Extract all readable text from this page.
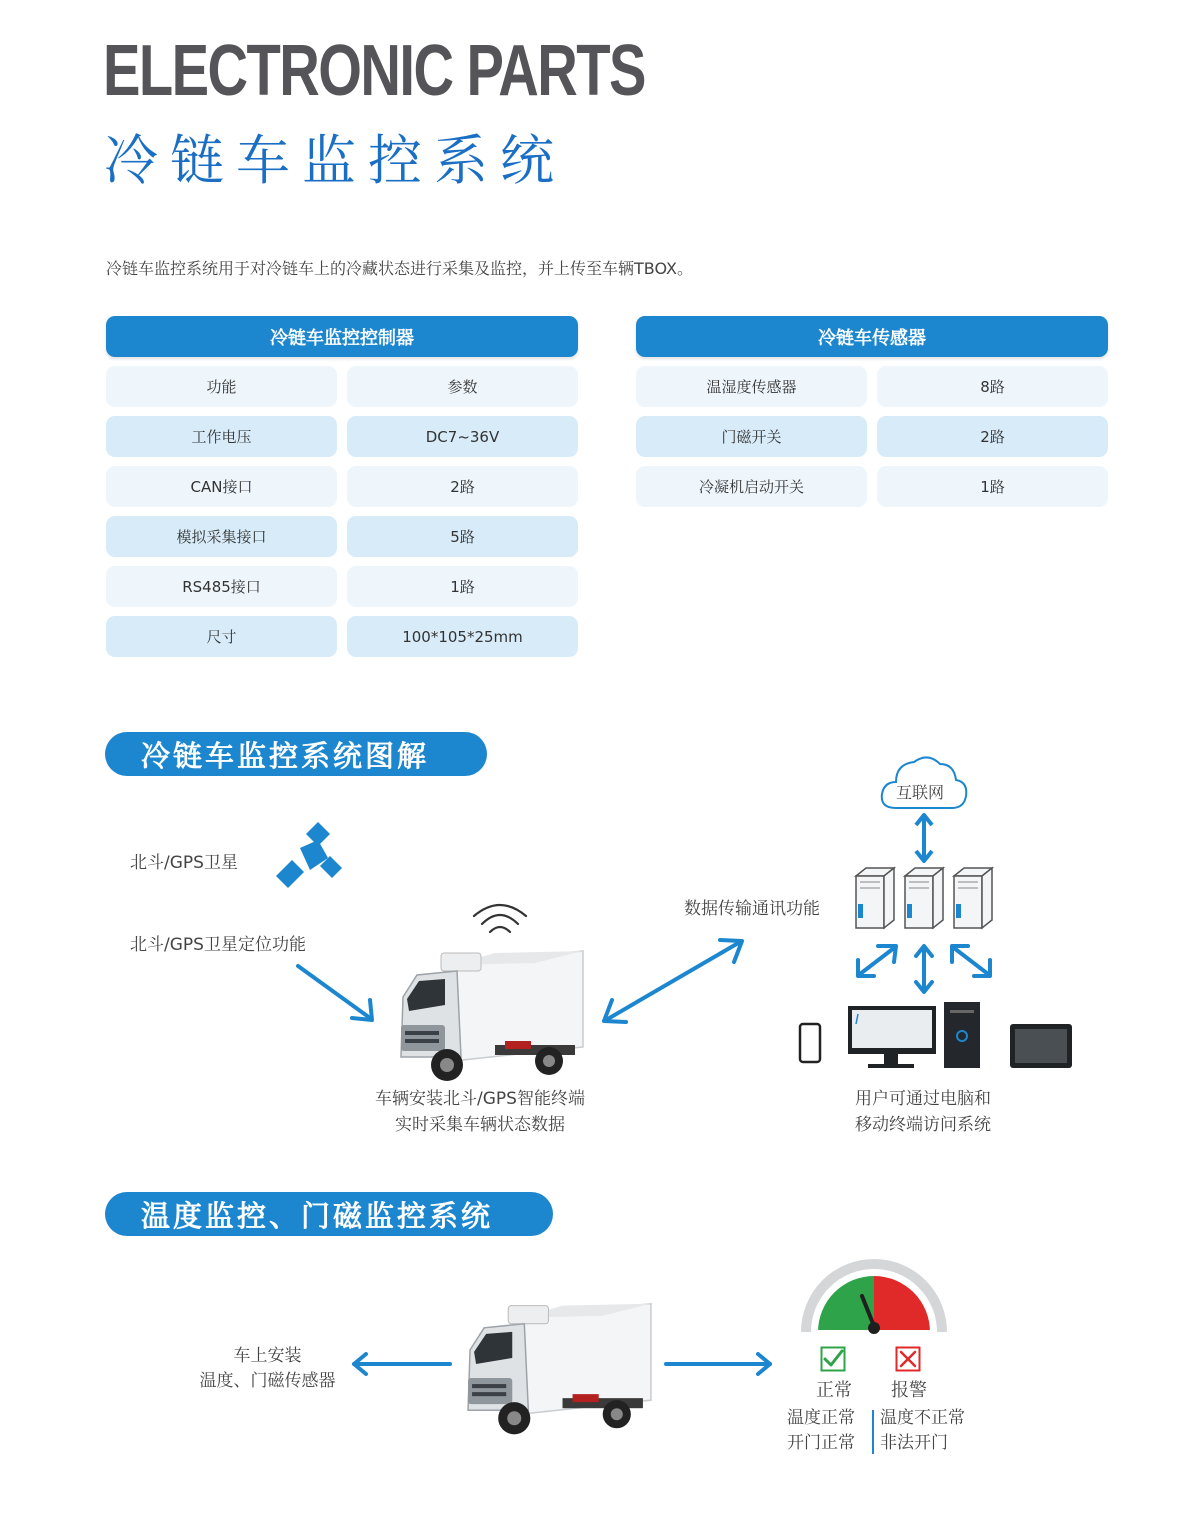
ELECTRONIC PARTS
冷链车监控系统
冷链车监控系统用于对冷链车上的冷藏状态进行采集及监控，并上传至车辆TBOX。
冷链车监控控制器
功能	参数
工作电压	DC7~36V
CAN接口	2路
模拟采集接口	5路
RS485接口	1路
尺寸	100*105*25mm
冷链车传感器
温湿度传感器	8路
门磁开关	2路
冷凝机启动开关	1路
冷链车监控系统图解
北斗/GPS卫星
北斗/GPS卫星定位功能
数据传输通讯功能
车辆安装北斗/GPS智能终端
实时采集车辆状态数据
互联网
用户可通过电脑和
移动终端访问系统
温度监控、门磁监控系统
车上安装
温度、门磁传感器	正常 报警
温度正常
开门正常
温度不正常
非法开门
